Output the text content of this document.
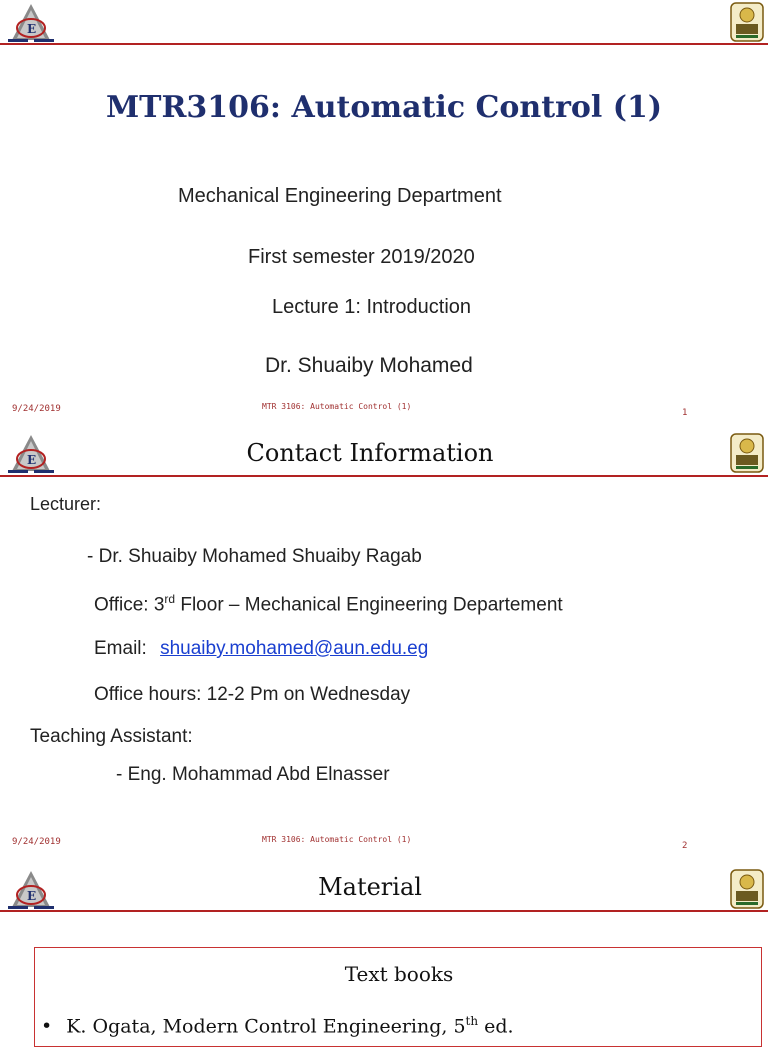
E
MTR3106: Automatic Control (1)
Mechanical Engineering Department
First semester 2019/2020
Lecture 1: Introduction
Dr. Shuaiby Mohamed
9/24/2019	MTR 3106: Automatic Control (1)
1
E	Contact Information
Lecturer:
- Dr. Shuaiby Mohamed Shuaiby Ragab
Office: 3rd Floor – Mechanical Engineering Departement
Email: shuaiby.mohamed@aun.edu.eg
Office hours: 12-2 Pm on Wednesday
Teaching Assistant:
- Eng. Mohammad Abd Elnasser
9/24/2019	MTR 3106: Automatic Control (1)
2
E	Material
Text books
• K. Ogata, Modern Control Engineering, 5th ed.
